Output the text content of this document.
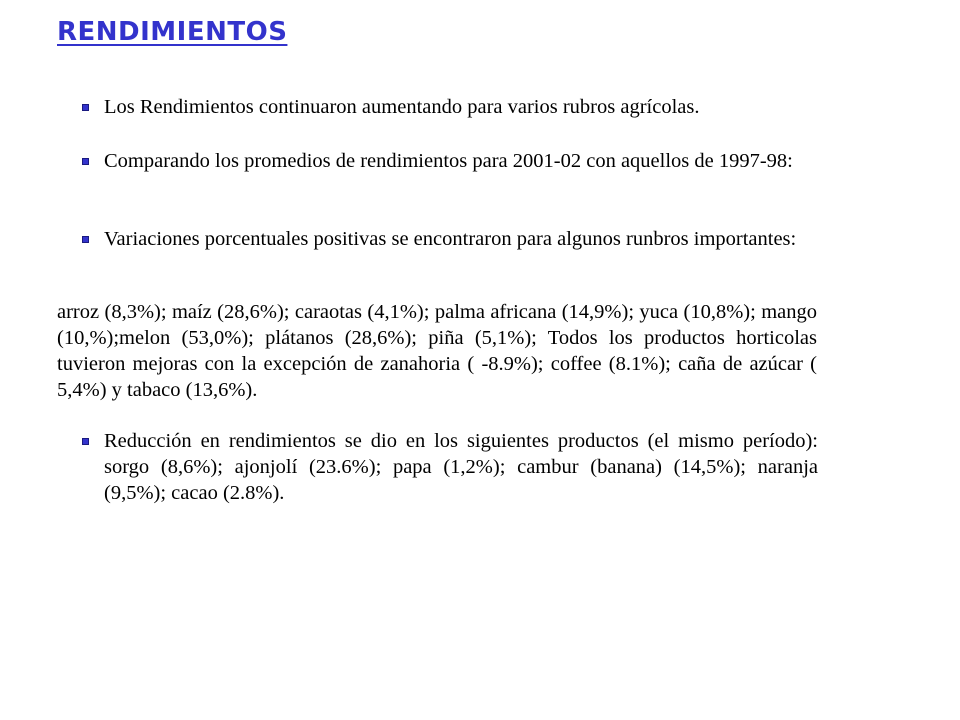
RENDIMIENTOS
Los Rendimientos continuaron aumentando para varios rubros agrícolas.
Comparando los promedios de rendimientos para 2001-02 con aquellos de 1997-98:
Variaciones porcentuales positivas se encontraron para algunos runbros importantes:
arroz (8,3%); maíz (28,6%); caraotas (4,1%); palma africana (14,9%); yuca (10,8%); mango (10,%);melon (53,0%); plátanos (28,6%); piña (5,1%); Todos los productos horticolas tuvieron mejoras con la excepción de zanahoria ( -8.9%); coffee (8.1%); caña de azúcar ( 5,4%) y tabaco (13,6%).
Reducción en rendimientos se dio en los siguientes productos (el mismo período): sorgo (8,6%); ajonjolí (23.6%); papa (1,2%); cambur (banana) (14,5%); naranja (9,5%); cacao (2.8%).
